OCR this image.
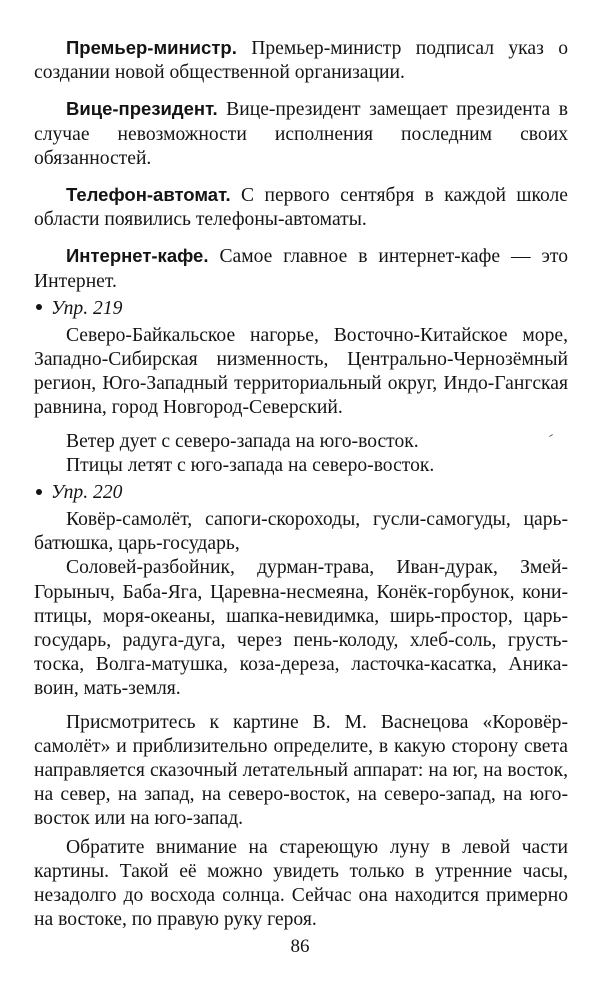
Премьер-министр. Премьер-министр подписал указ о создании новой общественной организации.

Вице-президент. Вице-президент замещает президента в случае невозможности исполнения последним своих обязанностей.

Телефон-автомат. С первого сентября в каждой школе области появились телефоны-автоматы.

Интернет-кафе. Самое главное в интернет-кафе — это Интернет.

Упр. 219

Северо-Байкальское нагорье, Восточно-Китайское море, Западно-Сибирская низменность, Центрально-Чернозёмный регион, Юго-Западный территориальный округ, Индо-Гангская равнина, город Новгород-Северский.

Ветер дует с северо-запада на юго-восток.

Птицы летят с юго-запада на северо-восток.

Упр. 220

Ковёр-самолёт, сапоги-скороходы, гусли-самогуды, царь-батюшка, царь-государь,

Соловей-разбойник, дурман-трава, Иван-дурак, Змей-Горыныч, Баба-Яга, Царевна-несмеяна, Конёк-горбунок, кони-птицы, моря-океаны, шапка-невидимка, ширь-простор, царь-государь, радуга-дуга, через пень-колоду, хлеб-соль, грусть-тоска, Волга-матушка, коза-дереза, ласточка-касатка, Аника-воин, мать-земля.

Присмотритесь к картине В. М. Васнецова «Коровёр-самолёт» и приблизительно определите, в какую сторону света направляется сказочный летательный аппарат: на юг, на восток, на север, на запад, на северо-восток, на северо-запад, на юго-восток или на юго-запад.

Обратите внимание на стареющую луну в левой части картины. Такой её можно увидеть только в утренние часы, незадолго до восхода солнца. Сейчас она находится примерно на востоке, по правую руку героя.

86
